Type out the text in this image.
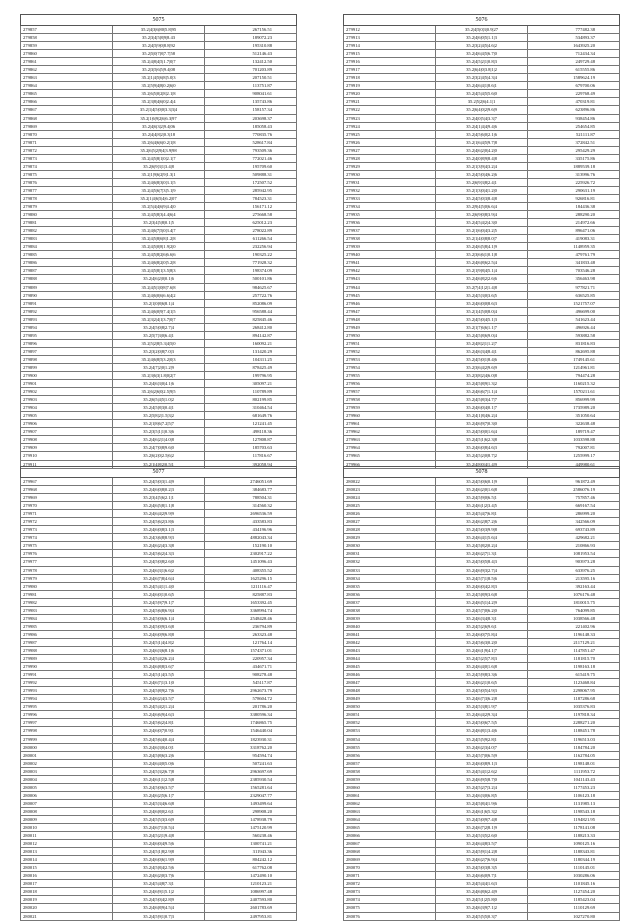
5075		
279857	35.2|4|3|6|80|5.8|95	267156.51
279858	35.2|3|4|5|8|9|8.43	189072.23
279859	35.2|4|5|9|0|8.8|92	195310.88
279860	35.2|5|0|7|8|7.7|58	512146.43
279861	35.2|4|8|4|5|1.7|0|7	132412.50
279862	35.2|3|5|6|5|9.4|08	701203.89
279863	35.2|1|4|5|6|8|5.0|3	207150.51
279864	35.2|5|9|4|8|0.2|6|0	113751.87
279865	35.2|6|5|0|2|8|2.1|8	908041.61
279866	35.2|3|8|4|6|0|2.4|4	135743.86
279867	35.2|1|4|5|0|0|3.3|3|4	158157.34
279868	35.2|1|6|9|2|6|6.3|97	203698.37
279869	35.2|4|6|3|2|9.4|06	185058.43
279870	35.2|4|4|8|2|0.3|18	770835.76
279871	35.2|6|4|6|6|0.2|1|8	528617.84
279872	35.2|6|5|2|9|4|3.9|98	793509.36
279873	35.2|4|5|8|1|0|2.1|7	772021.46
279874	35.2|6|9|3|1|3.4|8	195709.60
279875	35.2|1|9|6|2|9|1.3|1	509888.31
279876	35.2|4|6|8|3|0|3.1|5	172507.52
279877	35.2|4|5|6|7|3|5.1|9	285942.95
279878	35.2|1|4|6|5|4|6.2|07	784523.31
279879	35.2|5|4|4|6|9|4.4|0	156171.12
279880	35.2|4|5|8|3|4.4|6|4	275668.58
279881	35.2|3|4|5|8|0.1|5	625012.23
279882	35.2|4|6|7|5|0|3.4|7	278022.89
279883	35.2|4|5|8|6|8|1.2|8	611266.54
279884	35.2|4|5|0|8|1.9|2|0	232256.94
279885	35.2|4|5|8|2|6|6.6|6	190325.22
279886	35.2|4|6|8|2|0|5.2|8	771928.32
279887	35.2|4|5|8|1|3.5|8|3	198374.09
279888	35.2|4|6|2|0|0.1|6	500101.86
279889	35.2|4|5|1|0|8|7.6|8	984625.67
279890	35.2|4|6|0|6|6.6|4|2	257722.76
279891	35.2|1|0|8|6|8.1|4	852086.09
279892	35.2|4|6|0|9|7.4|1|5	956588.44
279893	35.2|3|2|4|1|3.7|0|7	825845.46
279894	35.2|4|5|0|8|2.7|4	268412.80
279895	35.2|5|7|3|0|6.4|1	894142.87
279896	35.2|5|2|8|5.3|4|5|0	160092.21
279897	35.2|3|2|0|8|7.0|3	131420.29
279898	35.2|4|6|8|5|3.2|0|3	104311.25
279899	35.2|4|7|2|0|1.2|9	878425.49
279900	35.2|3|6|3|1.8|0|2|7	199796.95
279901	35.2|4|6|3|0|4.1|6	305097.21
279902	35.2|6|2|6|0|2.5|9|5	110789.89
279903	35.2|6|5|4|5|1.0|2	802199.85
279904	35.2|4|5|8|3|0.4|1	310464.54
279905	35.2|5|8|2|1.5|3|2	681649.76
279906	35.2|1|8|6|7.2|5|7	121241.45
279907	35.2|3|5|1|1|0.3|6	498118.36
279908	35.2|4|6|2|1|4.0|8	127808.87
279909	35.2|4|7|0|8|9.6|0	185703.63
279910	35.2|6|2|0|2.5|6|2	117816.67
279911	35.2|1|4|8|2|0.5|1	392058.94
5076		
279912	35.2|4|5|0|3|0.9|27	777482.38
279913	35.2|4|6|0|5|1.1|3	534893.37
279914	35.2|3|2|4|5|4.6|2	1643925.20
279915	35.2|4|6|4|5|6.7|0	712434.34
279916	35.2|4|5|2|1|0.8|3	249729.48
279917	35.2|6|4|0|3.8|1|2	615555.86
279918	35.2|3|2|4|5|4.3|4	1589624.19
279919	35.2|4|6|4|1|8.6|1	679700.06
279920	35.2|4|5|4|5|5.6|0	229768.49
279921	35.2|5|2|6|4.1|1	470319.81
279922	35.2|6|4|0|2|9.6|9	623896.86
279923	35.2|4|0|5|4|3.3|7	938454.86
279924	35.2|4|1|4|4|9.4|6	254654.85
279925	35.2|4|5|6|0|2.1|6	521111.87
279926	35.2|1|6|4|5|9.7|8	372842.51
279927	35.2|4|6|2|0|4.2|0	295429.29
279928	35.2|4|0|8|9|8.4|8	335175.86
279929	35.2|1|3|9|4|3.2|4	1889539.18
279930	35.2|4|5|0|4|6.2|6	313996.76
279931	35.2|6|9|3|8|2.4|1	225926.72
279932	35.2|1|3|0|4|1.2|0	290631.19
279933	35.2|4|5|0|3|8.4|8	926816.81
279934	35.2|9|4|5|0|6.6|4	184436.38
279935	35.2|6|9|0|8|3.9|4	288290.20
279936	35.2|4|5|4|2|4.3|0	214972.66
279937	35.2|1|6|0|4|3.2|5	896471.06
279938	35.2|1|4|0|8|8.0|7	419083.31
279939	35.2|4|6|5|8|4.1|9	1148959.35
279940	35.2|3|6|6|1|0.1|8	479761.79
279941	35.2|4|6|8|6|2.5|4	341833.48
279942	35.2|1|9|8|4|5.1|4	703546.28
279943	35.2|4|6|8|2|2.6|6	356463.98
279944	35.2|7|4|1|2|1.4|8	977821.71
279945	35.2|4|5|3|0|3.6|5	636525.85
279946	35.2|4|6|0|0|8.6|3	1521757.07
279947	35.2|1|4|5|0|8.0|4	496699.00
279948	35.2|4|5|0|4|5.1|3	541623.44
279949	35.2|1|7|6|6|1.1|7	496926.44
279950	35.2|4|5|8|6|9.0|4	593882.58
279951	35.2|4|8|2|1|1.2|7	831816.83
279952	35.2|4|6|3|4|8.4|1	862695.88
279953	35.2|4|5|0|1|8.4|6	1749145.61
279954	35.2|3|6|4|2|9.6|9	1214961.81
279955	35.2|3|8|2|4|6.0|8	794474.28
279956	35.2|4|5|8|9|1.3|2	1160215.32
279957	35.2|4|6|6|7|1.1|4	1570211.61
279958	35.2|4|5|8|3|4.7|7	856999.99
279959	35.2|4|6|0|4|0.1|7	1735989.20
279960	35.2|4|1|8|4|6.2|4	351050.64
279961	35.2|4|6|9|7|0.3|0	322638.48
279962	35.2|4|5|0|0|1.6|4	189719.47
279963	35.2|4|5|1|6|2.3|8	1033598.88
279964	35.2|4|6|0|8|4.6|3	792007.81
279965	35.2|4|5|2|0|8.7|2	1255999.17
279966	35.2|4|8|0|4|1.4|9	449980.61
5077		
279967	35.2|4|5|0|3|1.4|9	2746051.69
279968	35.2|4|6|0|8|0.2|3	384683.77
279969	35.2|3|4|5|6|2.1|1	788504.31
279970	35.2|4|6|5|8|1.1|8	314560.32
279971	35.2|4|6|4|2|9.9|9	2696536.59
279972	35.2|4|5|6|2|3.8|6	433583.83
279973	35.2|4|6|0|8|3.1|3	434196.96
279974	35.2|4|3|6|8|8.9|3	4882043.34
279975	35.2|4|6|2|4|3.3|8	152190.10
279976	35.2|4|5|6|2|4.3|3	2302917.22
279977	35.2|4|5|0|8|2.6|0	1451096.43
279978	35.2|4|6|3|1|6.6|2	408355.52
279979	35.2|4|6|7|8|4.6|4	1625296.15
279980	35.2|4|5|4|1|1.4|0	1211116.47
279981	35.2|4|6|0|1|0.6|5	825887.83
279982	35.2|4|5|9|7|9.1|7	1653392.45
279983	35.2|4|5|6|8|6.9|4	3368994.74
279984	35.2|4|5|0|6|6.1|4	2548428.46
279985	35.2|4|5|0|9|3.6|8	236794.89
279986	35.2|4|6|0|9|6.8|8	263323.48
279987	35.2|4|5|1|4|4.8|2	121764.14
279988	35.2|4|6|3|6|8.1|6	1574371.01
279989	35.2|4|5|4|2|6.2|4	220957.34
279990	35.2|4|6|8|8|3.6|7	434671.71
279991	35.2|4|5|1|4|3.5|5	908278.48
279992	35.2|4|6|7|1|3.1|0	545117.87
279993	35.2|4|5|8|9|2.7|6	2962673.79
279994	35.2|4|6|2|4|3.5|7	578604.72
279995	35.2|4|5|4|2|1.2|4	201786.20
279996	35.2|4|6|6|9|4.6|3	3380596.34
279997	35.2|4|5|6|2|4.8|1	1746865.75
279998	35.2|4|6|0|7|0.9|1	1546440.04
279999	35.2|4|5|6|4|0.4|4	1823930.31
280000	35.2|4|6|3|0|4.0|1	3318762.20
280001	35.2|4|5|8|6|3.2|6	954594.74
280002	35.2|4|6|4|0|5.0|6	507241.63
280003	35.2|4|5|3|2|6.7|8	2963697.69
280004	35.2|4|6|1|1|2.5|8	2385930.54
280005	35.2|4|5|0|6|3.5|7	1565281.64
280006	35.2|4|6|2|5|6.1|7	2329047.77
280007	35.2|4|5|3|4|6.6|8	1493499.64
280008	35.2|4|6|8|0|2.6|1	298908.20
280009	35.2|4|5|5|3|3.6|9	1478938.79
280010	35.2|4|6|7|1|0.5|4	1475120.99
280011	35.2|4|5|2|1|9.4|8	560238.46
280012	35.2|4|6|0|4|9.5|6	1300741.21
280013	35.2|4|5|1|8|2.9|8	311943.36
280014	35.2|4|6|0|6|1.9|9	804242.12
280015	35.2|4|5|8|4|2.5|6	617762.08
280016	35.2|4|6|2|0|3.7|6	1472490.10
280017	35.2|4|5|4|8|7.3|1	1210123.21
280018	35.2|4|6|9|1|5.1|2	1086997.48
280019	35.2|4|5|0|4|2.8|9	2407593.80
280020	35.2|4|6|8|9|4.5|4	2601783.69
280021	35.2|4|5|9|1|0.7|3	2497953.81
5078		
280022	35.2|4|5|0|6|0.1|9	961872.49
280023	35.2|4|6|2|0|1.6|8	2586076.19
280024	35.2|4|5|9|0|6.5|1	757857.46
280025	35.2|4|6|1|2|3.4|5	669167.54
280026	35.2|4|5|4|7|6.8|1	286999.20
280027	35.2|4|6|2|8|7.2|6	342566.09
280028	35.2|4|5|0|3|9.9|8	693743.89
280029	35.2|4|6|4|1|5.6|4	429682.21
280030	35.2|4|5|8|2|0.2|4	210866.93
280031	35.2|4|6|2|7|1.3|1	1081953.54
280032	35.2|4|5|0|5|8.4|3	903973.28
280033	35.2|4|6|9|3|2.7|4	633976.25
280034	35.2|4|5|7|1|8.5|6	213595.16
280035	35.2|4|6|0|4|2.8|3	392163.44
280036	35.2|4|5|8|9|3.6|8	1076176.48
280037	35.2|4|6|5|1|4.2|9	1810015.75
280038	35.2|4|5|7|0|6.2|0	764099.85
280039	35.2|4|6|3|4|8.3|1	1038566.48
280040	35.2|4|5|2|6|9.6|1	221402.96
280041	35.2|4|6|0|7|5.8|4	1196148.33
280042	35.2|4|5|6|3|0.2|0	2117129.21
280043	35.2|4|6|1|9|4.1|7	1147851.47
280044	35.2|4|5|2|5|7.8|3	1181815.70
280045	35.2|4|6|4|0|1.6|8	1198163.18
280046	35.2|4|5|9|8|3.3|6	615419.75
280047	35.2|4|6|2|1|0.6|5	1123468.84
280048	35.2|4|5|0|5|4.9|3	2298067.95
280049	35.2|4|6|7|3|6.2|8	1187286.68
280050	35.2|4|5|3|8|1.9|7	1035376.83
280051	35.2|4|6|4|2|9.3|4	1197818.34
280052	35.2|4|5|0|6|7.5|5	2288271.20
280053	35.2|4|6|8|1|3.4|6	1188451.78
280054	35.2|4|5|5|9|2.8|1	1196513.03
280055	35.2|4|6|2|3|4.0|7	1184784.20
280056	35.2|4|5|7|0|6.5|9	1162784.05
280057	35.2|4|6|0|8|9.1|3	1198148.01
280058	35.2|4|5|4|1|2.6|2	1111953.72
280059	35.2|4|6|9|5|8.7|0	1041143.43
280060	35.2|4|5|2|7|3.2|4	1177453.23
280061	35.2|4|6|3|0|6.8|5	1106123.18
280062	35.2|4|5|8|4|1.9|6	1131985.13
280063	35.2|4|6|1|6|5.3|2	1198543.18
280064	35.2|4|5|0|9|7.4|8	1194821.95
280065	35.2|4|6|7|2|8.1|9	1178141.08
280066	35.2|4|5|3|5|2.6|0	1188213.33
280067	35.2|4|6|4|8|3.5|7	1090125.16
280068	35.2|4|5|9|1|4.2|8	1188343.81
280069	35.2|4|6|2|7|6.9|4	1180344.19
280070	35.2|4|5|0|3|8.3|5	1110145.01
280071	35.2|4|6|6|0|9.7|1	1030286.06
280072	35.2|4|5|4|4|1.6|3	1101845.16
280073	35.2|4|6|8|6|2.4|9	1127454.20
280074	35.2|4|5|1|2|5.8|0	1185423.04
280075	35.2|4|6|3|9|7.1|2	1110129.69
280076	35.2|4|5|5|5|0.3|7	1027270.80
